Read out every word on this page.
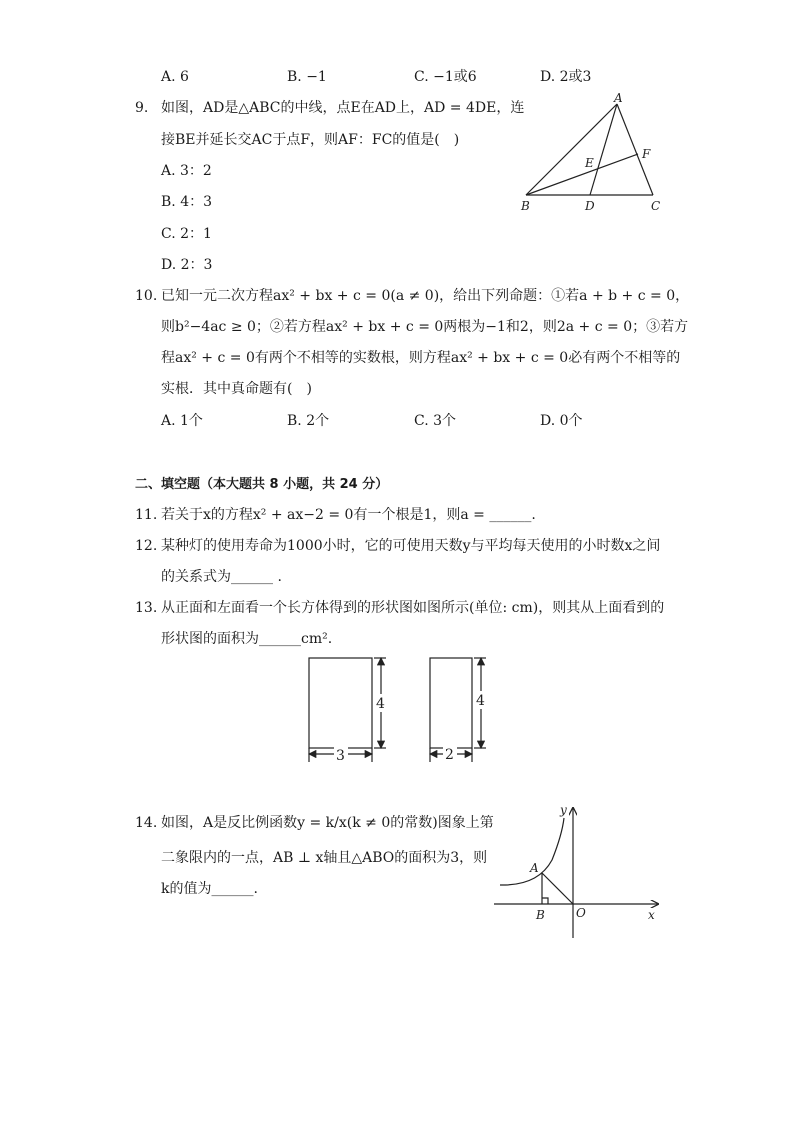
A. 6	B. −1	C. −1或6	D. 2或3
9. 如图，AD是△ABC的中线，点E在AD上，AD = 4DE，连
接BE并延长交AC于点F，则AF：FC的值是(　)
A. 3：2
B. 4：3
C. 2：1
D. 2：3
A
E
F
B	D	C
10. 已知一元二次方程ax² + bx + c = 0(a ≠ 0)，给出下列命题：①若a + b + c = 0，
则b²−4ac ≥ 0；②若方程ax² + bx + c = 0两根为−1和2，则2a + c = 0；③若方
程ax² + c = 0有两个不相等的实数根，则方程ax² + bx + c = 0必有两个不相等的
实根．其中真命题有(　)
A. 1个	B. 2个	C. 3个	D. 0个
二、填空题（本大题共 8 小题，共 24 分）
11. 若关于x的方程x² + ax−2 = 0有一个根是1，则a = ______.
12. 某种灯的使用寿命为1000小时，它的可使用天数y与平均每天使用的小时数x之间
的关系式为______ .
13. 从正面和左面看一个长方体得到的形状图如图所示(单位: cm)，则其从上面看到的
形状图的面积为______cm².
4
3
4
2
14. 如图，A是反比例函数y = k/x(k ≠ 0的常数)图象上第
二象限内的一点，AB ⊥ x轴且△ABO的面积为3，则
k的值为______.
y
A
B	O	x
